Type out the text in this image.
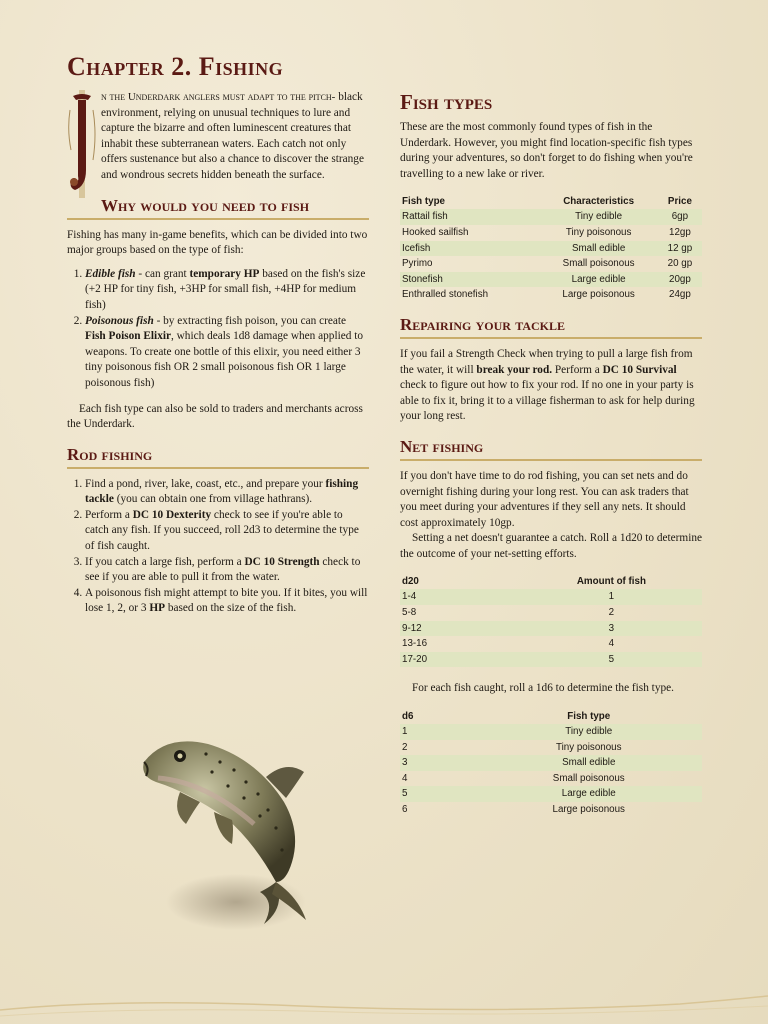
Chapter 2. Fishing
n the Underdark anglers must adapt to the pitch- black environment, relying on unusual techniques to lure and capture the bizarre and often luminescent creatures that inhabit these subterranean waters. Each catch not only offers sustenance but also a chance to discover the strange and wondrous secrets hidden beneath the surface.
Why would you need to fish

Fishing has many in-game benefits, which can be divided into two major groups based on the type of fish:

1. Edible fish - can grant temporary HP based on the fish's size (+2 HP for tiny fish, +3HP for small fish, +4HP for medium fish)
2. Poisonous fish - by extracting fish poison, you can create Fish Poison Elixir, which deals 1d8 damage when applied to weapons. To create one bottle of this elixir, you need either 3 tiny poisonous fish OR 2 small poisonous fish OR 1 large poisonous fish)

Each fish type can also be sold to traders and merchants across the Underdark.

Rod fishing
1. Find a pond, river, lake, coast, etc., and prepare your fishing tackle (you can obtain one from village hathrans).
2. Perform a DC 10 Dexterity check to see if you're able to catch any fish. If you succeed, roll 2d3 to determine the type of fish caught.
3. If you catch a large fish, perform a DC 10 Strength check to see if you are able to pull it from the water.
4. A poisonous fish might attempt to bite you. If it bites, you will lose 1, 2, or 3 HP based on the size of the fish.
Fish types

These are the most commonly found types of fish in the Underdark. However, you might find location-specific fish types during your adventures, so don't forget to do fishing when you're travelling to a new lake or river.

Fish type	Characteristics	Price
Rattail fish	Tiny edible	6gp
Hooked sailfish	Tiny poisonous	12gp
Icefish	Small edible	12 gp
Pyrimo	Small poisonous	20 gp
Stonefish	Large edible	20gp
Enthralled stonefish	Large poisonous	24gp
Repairing your tackle

If you fail a Strength Check when trying to pull a large fish from the water, it will break your rod. Perform a DC 10 Survival check to figure out how to fix your rod. If no one in your party is able to fix it, bring it to a village fisherman to ask for help during your long rest.

Net fishing

If you don't have time to do rod fishing, you can set nets and do overnight fishing during your long rest. You can ask traders that you meet during your adventures if they sell any nets. It should cost approximately 10gp.

Setting a net doesn't guarantee a catch. Roll a 1d20 to determine the outcome of your net-setting efforts.

d20	Amount of fish
1-4	1
5-8	2
9-12	3
13-16	4
17-20	5

For each fish caught, roll a 1d6 to determine the fish type.

d6	Fish type
1	Tiny edible
2	Tiny poisonous
3	Small edible
4	Small poisonous
5	Large edible
6	Large poisonous
